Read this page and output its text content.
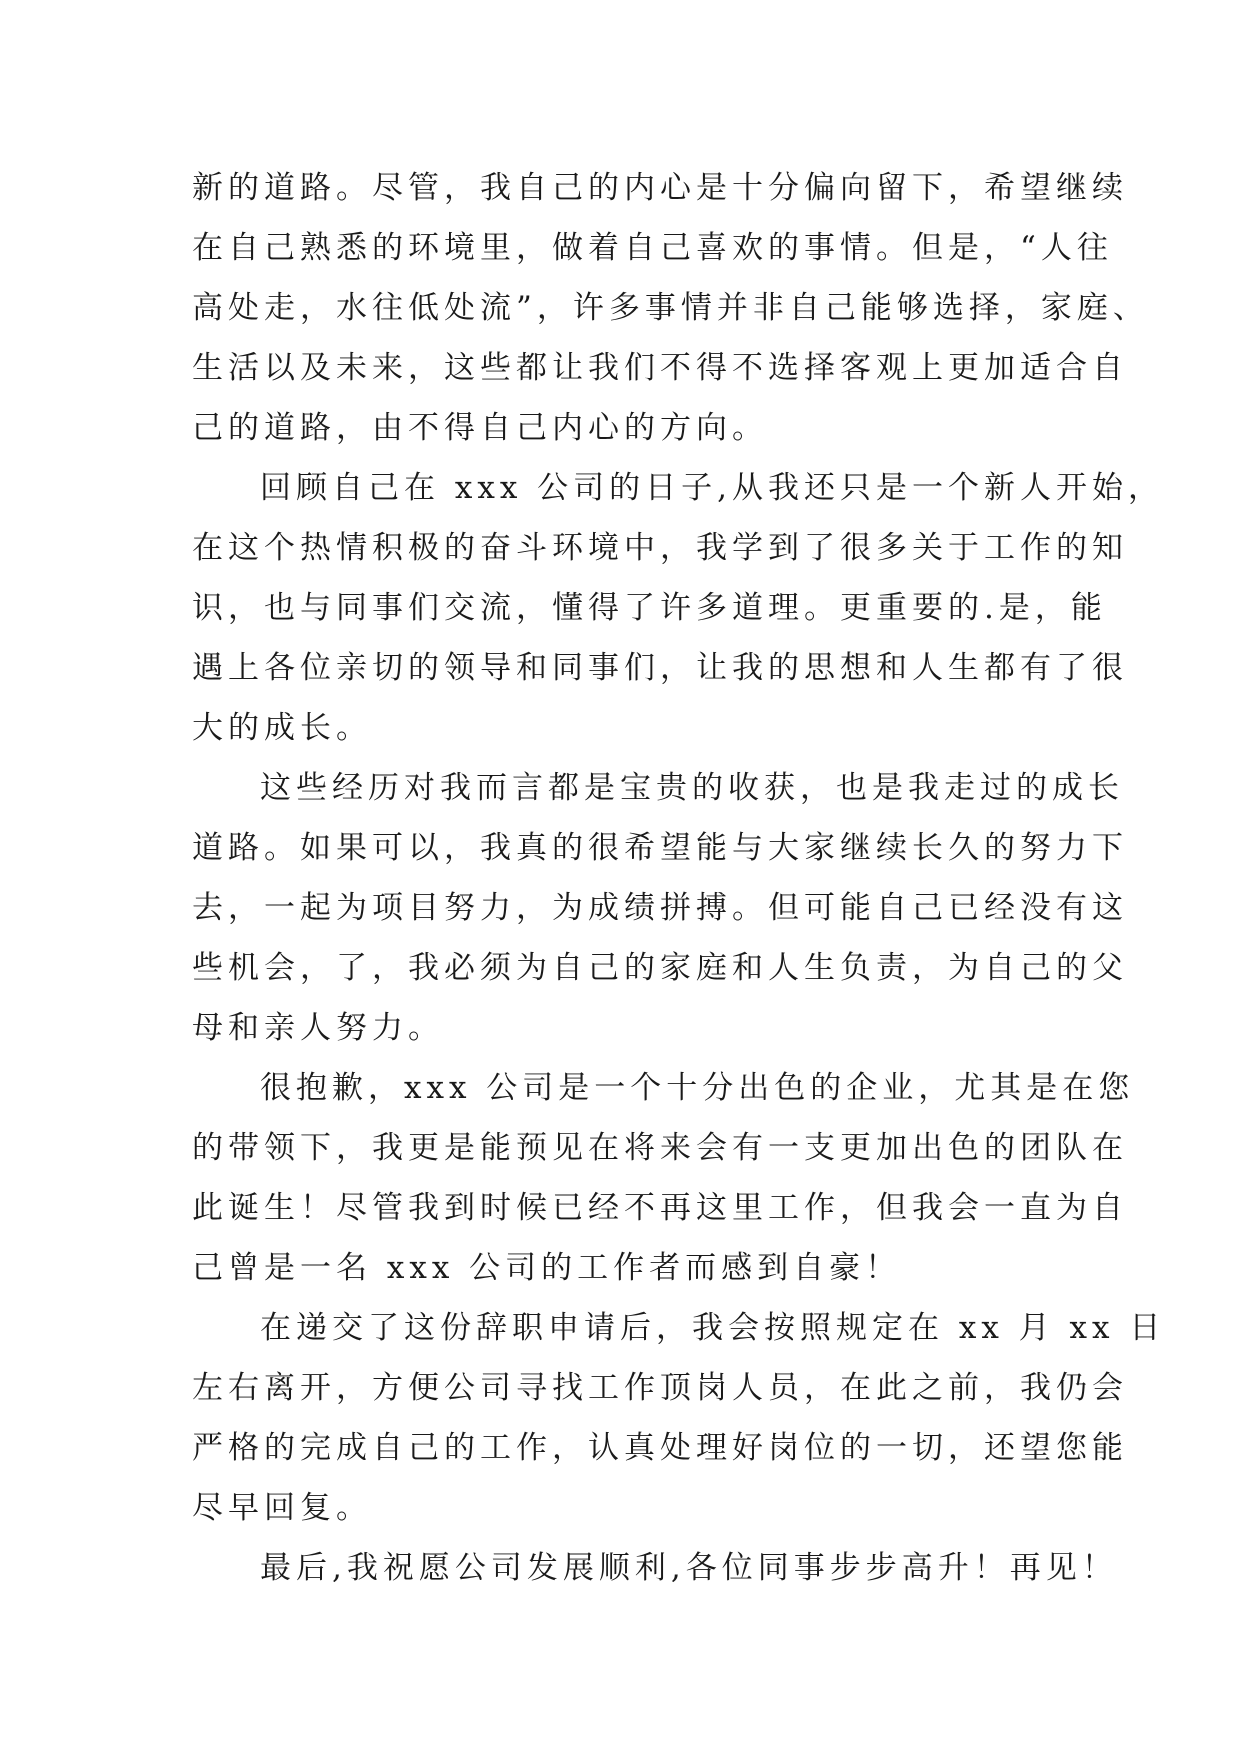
新的道路。尽管，我自己的内心是十分偏向留下，希望继续
在自己熟悉的环境里，做着自己喜欢的事情。但是，“人往
高处走，水往低处流”，许多事情并非自己能够选择，家庭、
生活以及未来，这些都让我们不得不选择客观上更加适合自
己的道路，由不得自己内心的方向。
回顾自己在 xxx 公司的日子,从我还只是一个新人开始，
在这个热情积极的奋斗环境中，我学到了很多关于工作的知
识，也与同事们交流，懂得了许多道理。更重要的.是，能
遇上各位亲切的领导和同事们，让我的思想和人生都有了很
大的成长。
这些经历对我而言都是宝贵的收获，也是我走过的成长
道路。如果可以，我真的很希望能与大家继续长久的努力下
去，一起为项目努力，为成绩拼搏。但可能自己已经没有这
些机会，了，我必须为自己的家庭和人生负责，为自己的父
母和亲人努力。
很抱歉，xxx 公司是一个十分出色的企业，尤其是在您
的带领下，我更是能预见在将来会有一支更加出色的团队在
此诞生！尽管我到时候已经不再这里工作，但我会一直为自
己曾是一名 xxx 公司的工作者而感到自豪！
在递交了这份辞职申请后，我会按照规定在 xx 月 xx 日
左右离开，方便公司寻找工作顶岗人员，在此之前，我仍会
严格的完成自己的工作，认真处理好岗位的一切，还望您能
尽早回复。
最后,我祝愿公司发展顺利,各位同事步步高升！再见！
